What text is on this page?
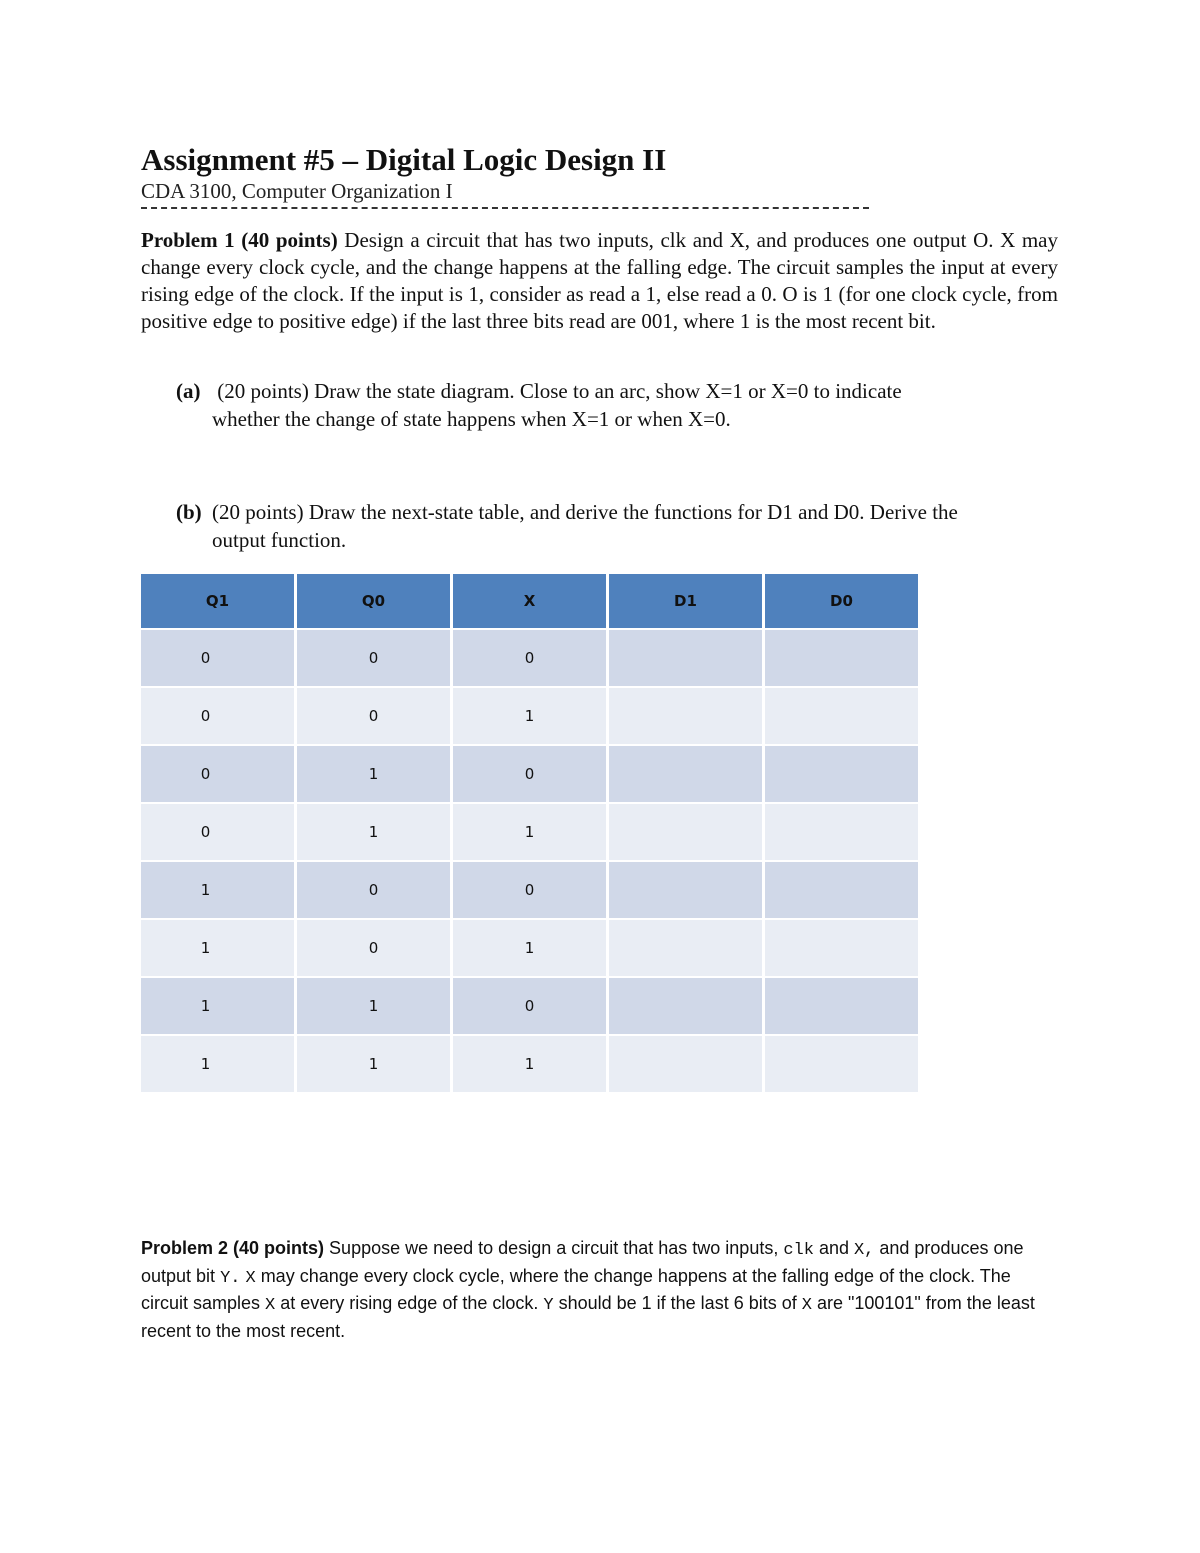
Assignment #5 – Digital Logic Design II
CDA 3100, Computer Organization I

Problem 1 (40 points) Design a circuit that has two inputs, clk and X, and produces one output O. X may change every clock cycle, and the change happens at the falling edge. The circuit samples the input at every rising edge of the clock. If the input is 1, consider as read a 1, else read a 0. O is 1 (for one clock cycle, from positive edge to positive edge) if the last three bits read are 001, where 1 is the most recent bit.

(a) (20 points) Draw the state diagram. Close to an arc, show X=1 or X=0 to indicate
whether the change of state happens when X=1 or when X=0.

(b) (20 points) Draw the next-state table, and derive the functions for D1 and D0. Derive the
output function.

Q1	Q0	X	D1	D0
0	0	0		
0	0	1		
0	1	0		
0	1	1		
1	0	0		
1	0	1		
1	1	0		
1	1	1		

Problem 2 (40 points) Suppose we need to design a circuit that has two inputs, clk and X, and produces one output bit Y. X may change every clock cycle, where the change happens at the falling edge of the clock. The circuit samples X at every rising edge of the clock. Y should be 1 if the last 6 bits of X are "100101" from the least recent to the most recent.
